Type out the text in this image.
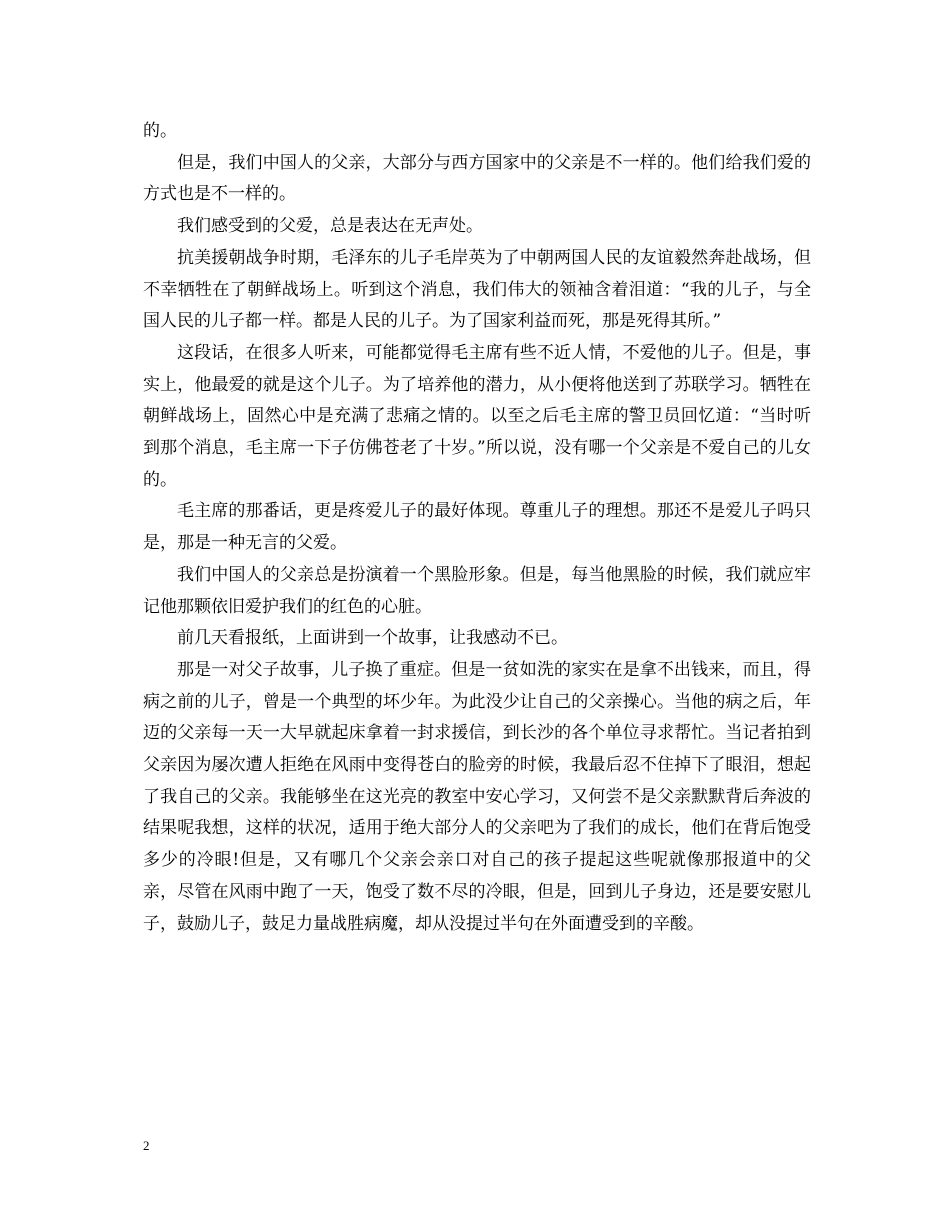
的。

但是，我们中国人的父亲，大部分与西方国家中的父亲是不一样的。他们给我们爱的方式也是不一样的。

我们感受到的父爱，总是表达在无声处。

抗美援朝战争时期，毛泽东的儿子毛岸英为了中朝两国人民的友谊毅然奔赴战场，但不幸牺牲在了朝鲜战场上。听到这个消息，我们伟大的领袖含着泪道：“我的儿子，与全国人民的儿子都一样。都是人民的儿子。为了国家利益而死，那是死得其所。”

这段话，在很多人听来，可能都觉得毛主席有些不近人情，不爱他的儿子。但是，事实上，他最爱的就是这个儿子。为了培养他的潜力，从小便将他送到了苏联学习。牺牲在朝鲜战场上，固然心中是充满了悲痛之情的。以至之后毛主席的警卫员回忆道：“当时听到那个消息，毛主席一下子仿佛苍老了十岁。”所以说，没有哪一个父亲是不爱自己的儿女的。

毛主席的那番话，更是疼爱儿子的最好体现。尊重儿子的理想。那还不是爱儿子吗只是，那是一种无言的父爱。

我们中国人的父亲总是扮演着一个黑脸形象。但是，每当他黑脸的时候，我们就应牢记他那颗依旧爱护我们的红色的心脏。

前几天看报纸，上面讲到一个故事，让我感动不已。

那是一对父子故事，儿子换了重症。但是一贫如洗的家实在是拿不出钱来，而且，得病之前的儿子，曾是一个典型的坏少年。为此没少让自己的父亲操心。当他的病之后，年迈的父亲每一天一大早就起床拿着一封求援信，到长沙的各个单位寻求帮忙。当记者拍到父亲因为屡次遭人拒绝在风雨中变得苍白的脸旁的时候，我最后忍不住掉下了眼泪，想起了我自己的父亲。我能够坐在这光亮的教室中安心学习，又何尝不是父亲默默背后奔波的结果呢我想，这样的状况，适用于绝大部分人的父亲吧为了我们的成长，他们在背后饱受多少的冷眼!但是，又有哪几个父亲会亲口对自己的孩子提起这些呢就像那报道中的父亲，尽管在风雨中跑了一天，饱受了数不尽的冷眼，但是，回到儿子身边，还是要安慰儿子，鼓励儿子，鼓足力量战胜病魔，却从没提过半句在外面遭受到的辛酸。

2
